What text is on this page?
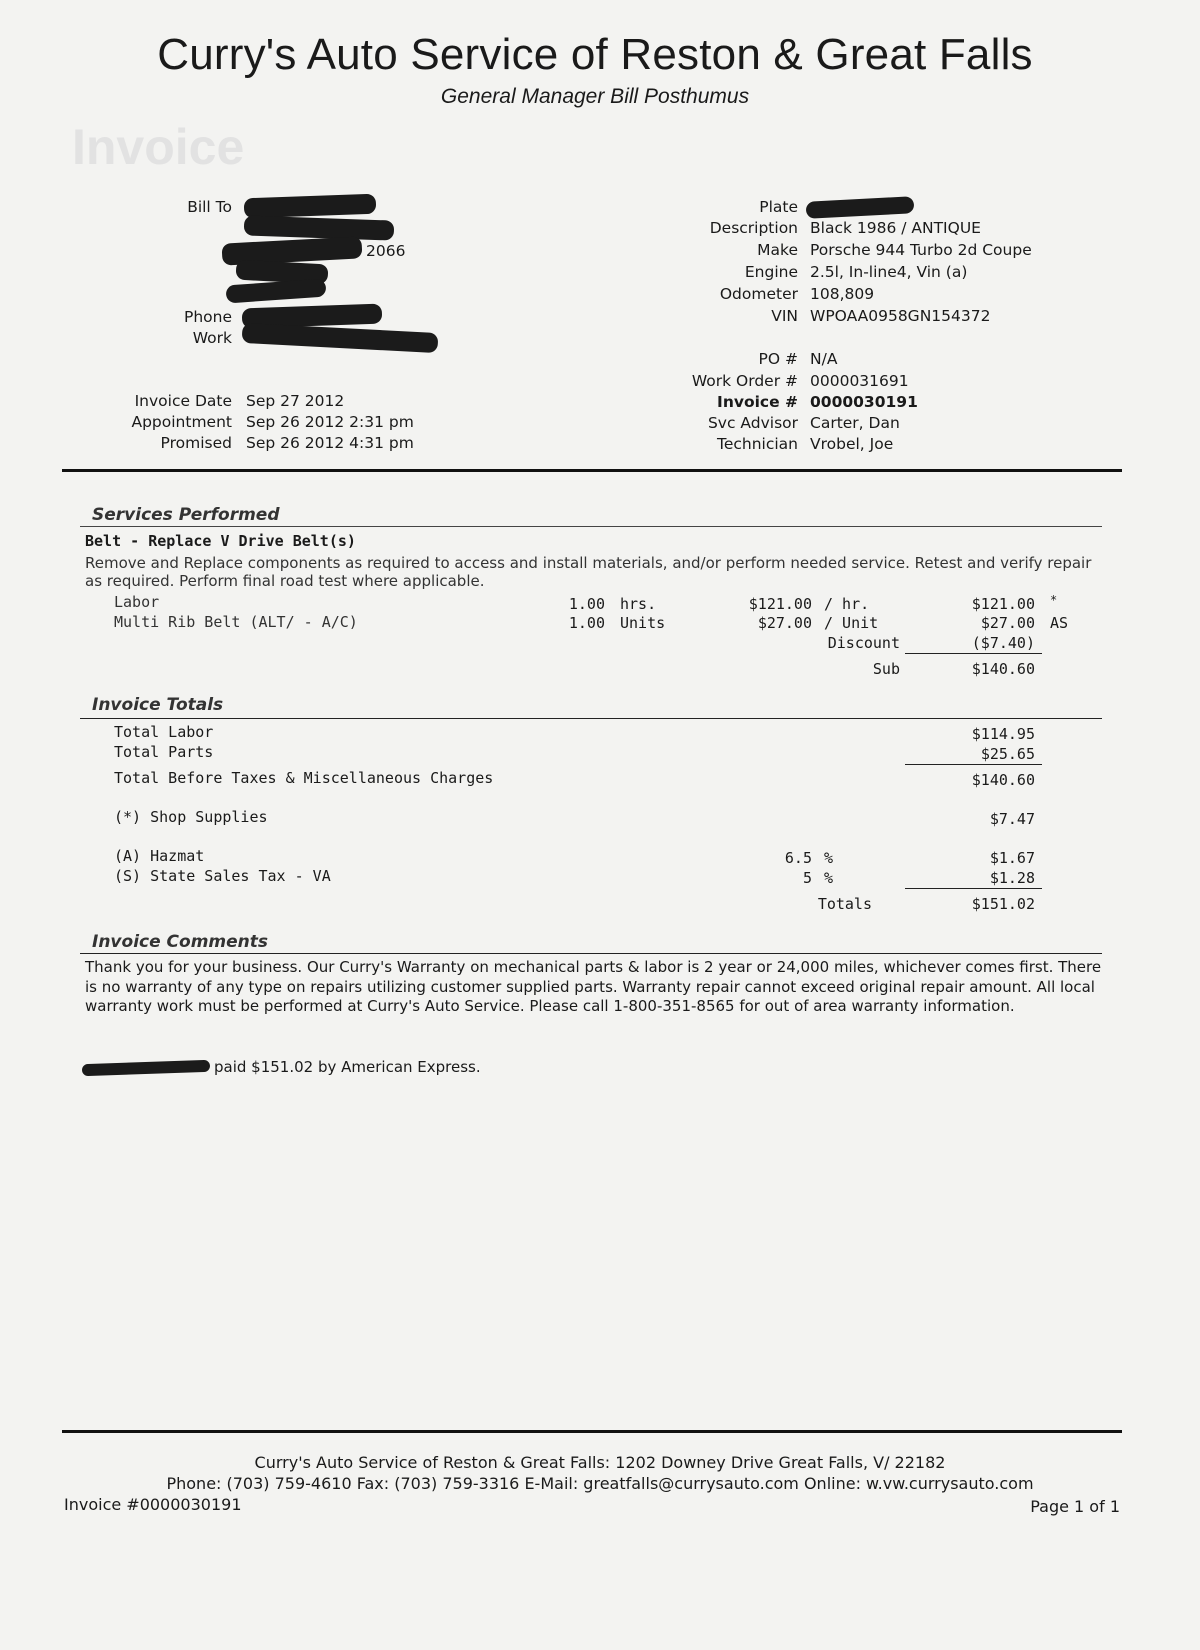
Curry's Auto Service of Reston & Great Falls
General Manager Bill Posthumus
Invoice
Bill To
2066
Phone
Work
Plate
Description Black 1986 / ANTIQUE
Make Porsche 944 Turbo 2d Coupe
Engine 2.5l, In-line4, Vin (a)
Odometer 108,809
VIN WPOAA0958GN154372
PO # N/A
Work Order # 0000031691
Invoice # 0000030191
Svc Advisor Carter, Dan
Technician Vrobel, Joe
Invoice Date Sep 27 2012
Appointment Sep 26 2012 2:31 pm
Promised Sep 26 2012 4:31 pm
Services Performed
Belt - Replace V Drive Belt(s)
Remove and Replace components as required to access and install materials, and/or perform needed service. Retest and verify repair as required. Perform final road test where applicable.
Labor	1.00 hrs.	$121.00 / hr.	$121.00 *
Multi Rib Belt (ALT/ - A/C)	1.00 Units	$27.00 / Unit	$27.00 AS
Discount	($7.40)
Sub	$140.60
Invoice Totals
Total Labor	$114.95
Total Parts	$25.65
Total Before Taxes & Miscellaneous Charges	$140.60
(*) Shop Supplies	$7.47
(A) Hazmat	6.5 %	$1.67
(S) State Sales Tax - VA	5 %	$1.28
Totals	$151.02
Invoice Comments
Thank you for your business. Our Curry's Warranty on mechanical parts & labor is 2 year or 24,000 miles, whichever comes first. There is no warranty of any type on repairs utilizing customer supplied parts. Warranty repair cannot exceed original repair amount. All local warranty work must be performed at Curry's Auto Service. Please call 1-800-351-8565 for out of area warranty information.
paid $151.02 by American Express.
Curry's Auto Service of Reston & Great Falls: 1202 Downey Drive Great Falls, V/ ​22182
Phone: (703) 759-4610 Fax: (703) 759-3316 E-Mail: greatfalls@currysauto.com Online: w.vw.currysauto.com
Invoice #0000030191	Page 1 of 1
